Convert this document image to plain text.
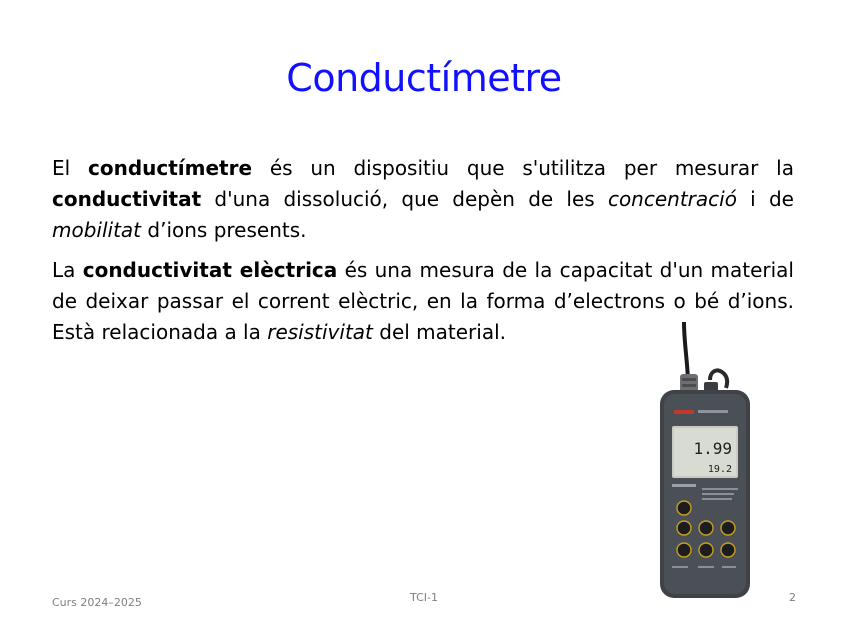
Conductímetre

El conductímetre és un dispositiu que s'utilitza per mesurar la conductivitat d'una dissolució, que depèn de les concentració i de mobilitat d’ions presents.

La conductivitat elèctrica és una mesura de la capacitat d'un material de deixar passar el corrent elèctric, en la forma d’electrons o bé d’ions. Està relacionada a la resistivitat del material.

1.99
19.2
Curs 2024–2025	TCI-1	2
